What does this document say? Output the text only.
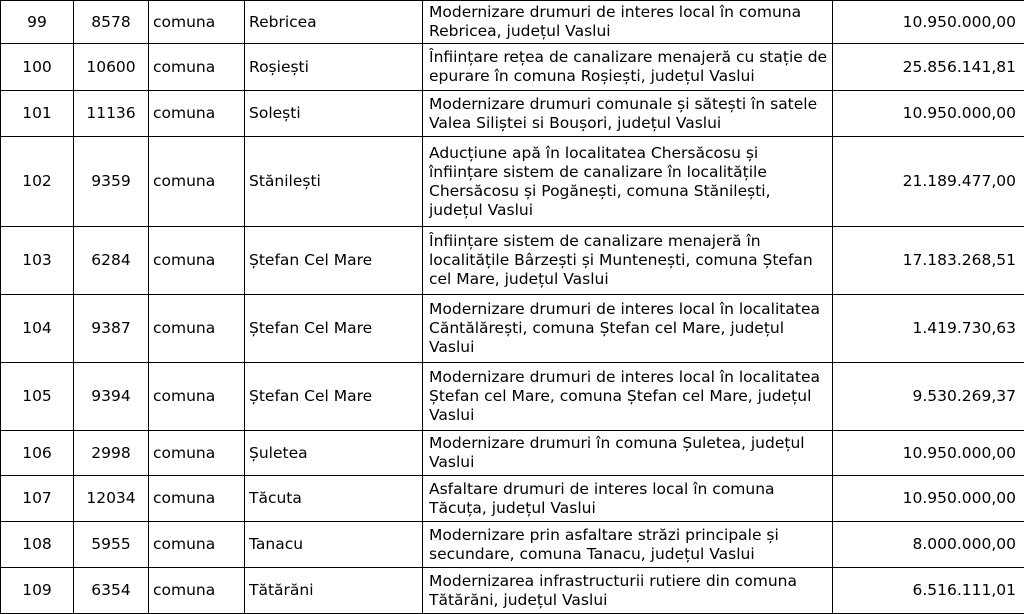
99	8578	comuna	Rebricea	Modernizare drumuri de interes local în comuna Rebricea, județul Vaslui	10.950.000,00
100	10600	comuna	Roșiești	Înființare rețea de canalizare menajeră cu stație de epurare în comuna Roșiești, județul Vaslui	25.856.141,81
101	11136	comuna	Solești	Modernizare drumuri comunale și sătești în satele Valea Siliștei si Boușori, județul Vaslui	10.950.000,00
102	9359	comuna	Stănilești	Aducțiune apă în localitatea Chersăcosu și înființare sistem de canalizare în localitățile Chersăcosu și Pogănești, comuna Stănilești, județul Vaslui	21.189.477,00
103	6284	comuna	Ștefan Cel Mare	Înființare sistem de canalizare menajeră în localitățile Bârzești și Muntenești, comuna Ștefan cel Mare, județul Vaslui	17.183.268,51
104	9387	comuna	Ștefan Cel Mare	Modernizare drumuri de interes local în localitatea Căntălărești, comuna Ștefan cel Mare, județul Vaslui	1.419.730,63
105	9394	comuna	Ștefan Cel Mare	Modernizare drumuri de interes local în localitatea Ștefan cel Mare, comuna Ștefan cel Mare, județul Vaslui	9.530.269,37
106	2998	comuna	Șuletea	Modernizare drumuri în comuna Șuletea, județul Vaslui	10.950.000,00
107	12034	comuna	Tăcuta	Asfaltare drumuri de interes local în comuna Tăcuța, județul Vaslui	10.950.000,00
108	5955	comuna	Tanacu	Modernizare prin asfaltare străzi principale și secundare, comuna Tanacu, județul Vaslui	8.000.000,00
109	6354	comuna	Tătărăni	Modernizarea infrastructurii rutiere din comuna Tătărăni, județul Vaslui	6.516.111,01
